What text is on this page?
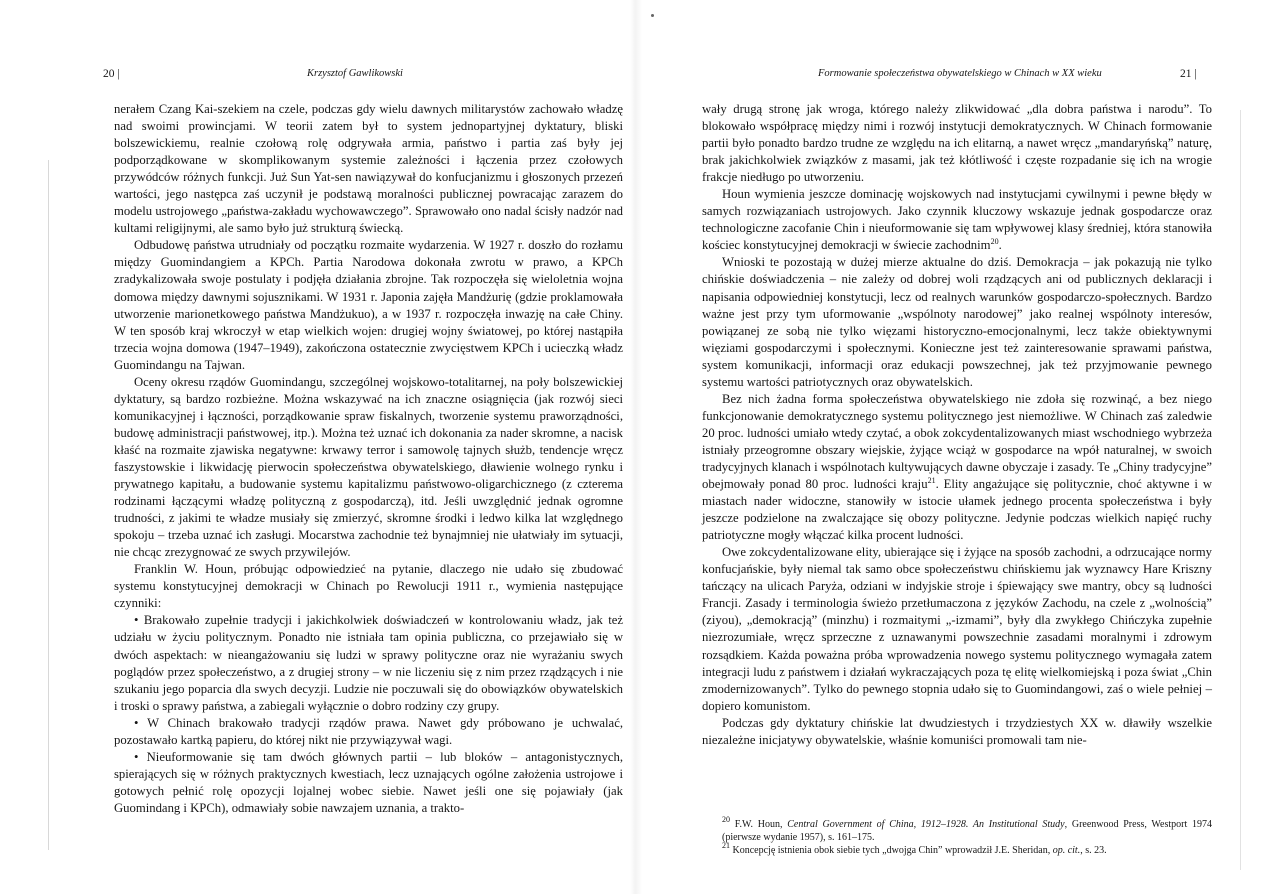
20 |	Krzysztof Gawlikowski

nerałem Czang Kai-szekiem na czele, podczas gdy wielu dawnych militarystów zachowało władzę nad swoimi prowincjami. W teorii zatem był to system jednopartyjnej dyktatury, bliski bolszewickiemu, realnie czołową rolę odgrywała armia, państwo i partia zaś były jej podporządkowane w skomplikowanym systemie zależności i łączenia przez czołowych przywódców różnych funkcji. Już Sun Yat-sen nawiązywał do konfucjanizmu i głoszonych przezeń wartości, jego następca zaś uczynił je podstawą moralności publicznej powracając zarazem do modelu ustrojowego „państwa-zakładu wychowawczego”. Sprawowało ono nadal ścisły nadzór nad kultami religijnymi, ale samo było już strukturą świecką.

Odbudowę państwa utrudniały od początku rozmaite wydarzenia. W 1927 r. doszło do rozłamu między Guomindangiem a KPCh. Partia Narodowa dokonała zwrotu w prawo, a KPCh zradykalizowała swoje postulaty i podjęła działania zbrojne. Tak rozpoczęła się wieloletnia wojna domowa między dawnymi sojusznikami. W 1931 r. Japonia zajęła Mandżurię (gdzie proklamowała utworzenie marionetkowego państwa Mandżukuo), a w 1937 r. rozpoczęła inwazję na całe Chiny. W ten sposób kraj wkroczył w etap wielkich wojen: drugiej wojny światowej, po której nastąpiła trzecia wojna domowa (1947–1949), zakończona ostatecznie zwycięstwem KPCh i ucieczką władz Guomindangu na Tajwan.

Oceny okresu rządów Guomindangu, szczególnej wojskowo-totalitarnej, na poły bolszewickiej dyktatury, są bardzo rozbieżne. Można wskazywać na ich znaczne osiągnięcia (jak rozwój sieci komunikacyjnej i łączności, porządkowanie spraw fiskalnych, tworzenie systemu praworządności, budowę administracji państwowej, itp.). Można też uznać ich dokonania za nader skromne, a nacisk kłaść na rozmaite zjawiska negatywne: krwawy terror i samowolę tajnych służb, tendencje wręcz faszystowskie i likwidację pierwocin społeczeństwa obywatelskiego, dławienie wolnego rynku i prywatnego kapitału, a budowanie systemu kapitalizmu państwowo-oligarchicznego (z czterema rodzinami łączącymi władzę polityczną z gospodarczą), itd. Jeśli uwzględnić jednak ogromne trudności, z jakimi te władze musiały się zmierzyć, skromne środki i ledwo kilka lat względnego spokoju – trzeba uznać ich zasługi. Mocarstwa zachodnie też bynajmniej nie ułatwiały im sytuacji, nie chcąc zrezygnować ze swych przywilejów.

Franklin W. Houn, próbując odpowiedzieć na pytanie, dlaczego nie udało się zbudować systemu konstytucyjnej demokracji w Chinach po Rewolucji 1911 r., wymienia następujące czynniki:

• Brakowało zupełnie tradycji i jakichkolwiek doświadczeń w kontrolowaniu władz, jak też udziału w życiu politycznym. Ponadto nie istniała tam opinia publiczna, co przejawiało się w dwóch aspektach: w nieangażowaniu się ludzi w sprawy polityczne oraz nie wyrażaniu swych poglądów przez społeczeństwo, a z drugiej strony – w nie liczeniu się z nim przez rządzących i nie szukaniu jego poparcia dla swych decyzji. Ludzie nie poczuwali się do obowiązków obywatelskich i troski o sprawy państwa, a zabiegali wyłącznie o dobro rodziny czy grupy.

• W Chinach brakowało tradycji rządów prawa. Nawet gdy próbowano je uchwalać, pozostawało kartką papieru, do której nikt nie przywiązywał wagi.

• Nieuformowanie się tam dwóch głównych partii – lub bloków – antagonistycznych, spierających się w różnych praktycznych kwestiach, lecz uznających ogólne założenia ustrojowe i gotowych pełnić rolę opozycji lojalnej wobec siebie. Nawet jeśli one się pojawiały (jak Guomindang i KPCh), odmawiały sobie nawzajem uznania, a trakto-

Formowanie społeczeństwa obywatelskiego w Chinach w XX wieku	21 |

wały drugą stronę jak wroga, którego należy zlikwidować „dla dobra państwa i narodu”. To blokowało współpracę między nimi i rozwój instytucji demokratycznych. W Chinach formowanie partii było ponadto bardzo trudne ze względu na ich elitarną, a nawet wręcz „mandaryńską” naturę, brak jakichkolwiek związków z masami, jak też kłótliwość i częste rozpadanie się ich na wrogie frakcje niedługo po utworzeniu.

Houn wymienia jeszcze dominację wojskowych nad instytucjami cywilnymi i pewne błędy w samych rozwiązaniach ustrojowych. Jako czynnik kluczowy wskazuje jednak gospodarcze oraz technologiczne zacofanie Chin i nieuformowanie się tam wpływowej klasy średniej, która stanowiła kościec konstytucyjnej demokracji w świecie zachodnim$^{20}$.

Wnioski te pozostają w dużej mierze aktualne do dziś. Demokracja – jak pokazują nie tylko chińskie doświadczenia – nie zależy od dobrej woli rządzących ani od publicznych deklaracji i napisania odpowiedniej konstytucji, lecz od realnych warunków gospodarczo-społecznych. Bardzo ważne jest przy tym uformowanie „wspólnoty narodowej” jako realnej wspólnoty interesów, powiązanej ze sobą nie tylko więzami historyczno-emocjonalnymi, lecz także obiektywnymi więziami gospodarczymi i społecznymi. Konieczne jest też zainteresowanie sprawami państwa, system komunikacji, informacji oraz edukacji powszechnej, jak też przyjmowanie pewnego systemu wartości patriotycznych oraz obywatelskich.

Bez nich żadna forma społeczeństwa obywatelskiego nie zdoła się rozwinąć, a bez niego funkcjonowanie demokratycznego systemu politycznego jest niemożliwe. W Chinach zaś zaledwie 20 proc. ludności umiało wtedy czytać, a obok zokcydentalizowanych miast wschodniego wybrzeża istniały przeogromne obszary wiejskie, żyjące wciąż w gospodarce na wpół naturalnej, w swoich tradycyjnych klanach i wspólnotach kultywujących dawne obyczaje i zasady. Te „Chiny tradycyjne” obejmowały ponad 80 proc. ludności kraju$^{21}$. Elity angażujące się politycznie, choć aktywne i w miastach nader widoczne, stanowiły w istocie ułamek jednego procenta społeczeństwa i były jeszcze podzielone na zwalczające się obozy polityczne. Jedynie podczas wielkich napięć ruchy patriotyczne mogły włączać kilka procent ludności.

Owe zokcydentalizowane elity, ubierające się i żyjące na sposób zachodni, a odrzucające normy konfucjańskie, były niemal tak samo obce społeczeństwu chińskiemu jak wyznawcy Hare Kriszny tańczący na ulicach Paryża, odziani w indyjskie stroje i śpiewający swe mantry, obcy są ludności Francji. Zasady i terminologia świeżo przetłumaczona z języków Zachodu, na czele z „wolnością” (ziyou), „demokracją” (minzhu) i rozmaitymi „-izmami”, były dla zwykłego Chińczyka zupełnie niezrozumiałe, wręcz sprzeczne z uznawanymi powszechnie zasadami moralnymi i zdrowym rozsądkiem. Każda poważna próba wprowadzenia nowego systemu politycznego wymagała zatem integracji ludu z państwem i działań wykraczających poza tę elitę wielkomiejską i poza świat „Chin zmodernizowanych”. Tylko do pewnego stopnia udało się to Guomindangowi, zaś o wiele pełniej – dopiero komunistom.

Podczas gdy dyktatury chińskie lat dwudziestych i trzydziestych XX w. dławiły wszelkie niezależne inicjatywy obywatelskie, właśnie komuniści promowali tam nie-

$^{20}$ F.W. Houn, Central Government of China, 1912–1928. An Institutional Study, Greenwood Press, Westport 1974 (pierwsze wydanie 1957), s. 161–175.
$^{21}$ Koncepcję istnienia obok siebie tych „dwojga Chin” wprowadził J.E. Sheridan, op. cit., s. 23.
